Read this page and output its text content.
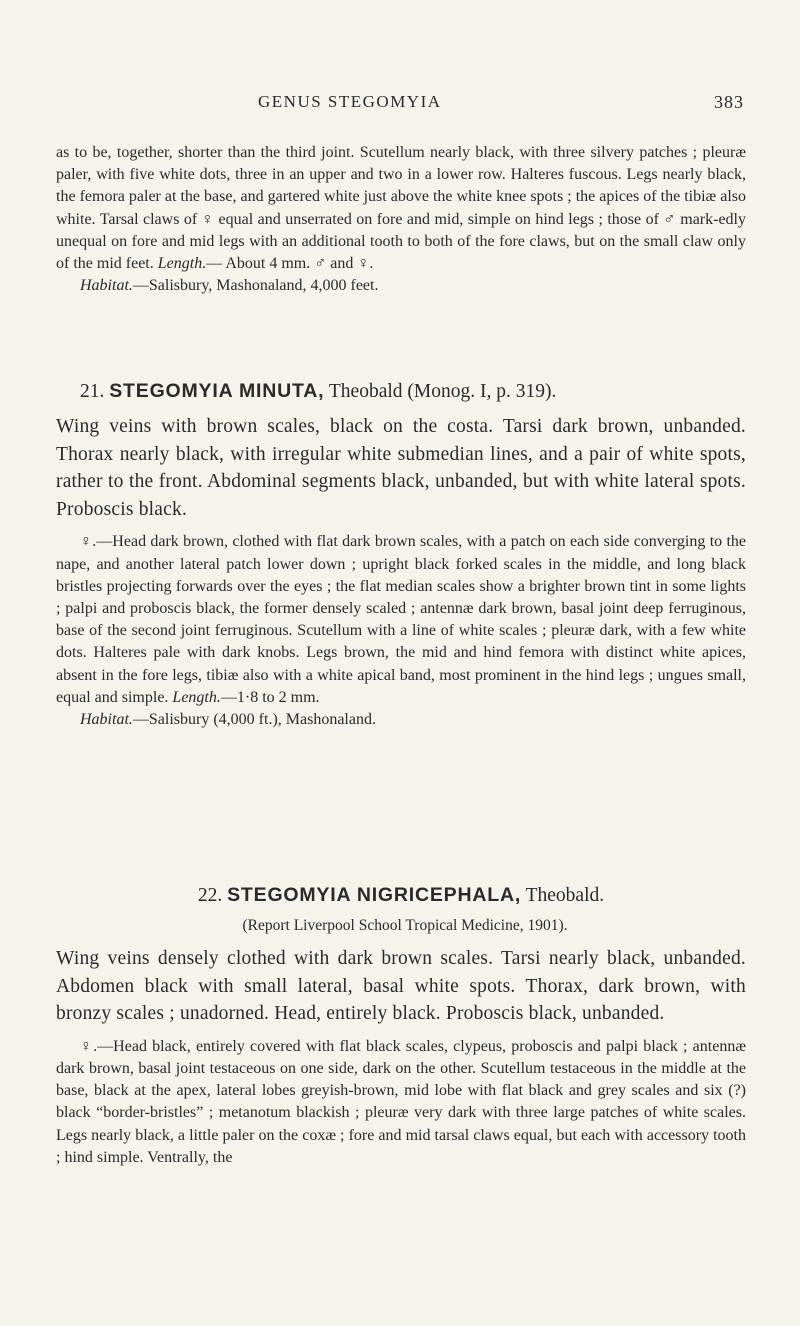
GENUS STEGOMYIA	383

as to be, together, shorter than the third joint. Scutellum nearly black, with three silvery patches ; pleuræ paler, with five white dots, three in an upper and two in a lower row. Halteres fuscous. Legs nearly black, the femora paler at the base, and gartered white just above the white knee spots ; the apices of the tibiæ also white. Tarsal claws of ♀ equal and unserrated on fore and mid, simple on hind legs ; those of ♂ mark-edly unequal on fore and mid legs with an additional tooth to both of the fore claws, but on the small claw only of the mid feet. Length.— About 4 mm. ♂ and ♀.

Habitat.—Salisbury, Mashonaland, 4,000 feet.

21. STEGOMYIA MINUTA, Theobald (Monog. I, p. 319).

Wing veins with brown scales, black on the costa. Tarsi dark brown, unbanded. Thorax nearly black, with irregular white submedian lines, and a pair of white spots, rather to the front. Abdominal segments black, unbanded, but with white lateral spots. Proboscis black.

♀.—Head dark brown, clothed with flat dark brown scales, with a patch on each side converging to the nape, and another lateral patch lower down ; upright black forked scales in the middle, and long black bristles projecting forwards over the eyes ; the flat median scales show a brighter brown tint in some lights ; palpi and proboscis black, the former densely scaled ; antennæ dark brown, basal joint deep ferruginous, base of the second joint ferruginous. Scutellum with a line of white scales ; pleuræ dark, with a few white dots. Halteres pale with dark knobs. Legs brown, the mid and hind femora with distinct white apices, absent in the fore legs, tibiæ also with a white apical band, most prominent in the hind legs ; ungues small, equal and simple. Length.—1·8 to 2 mm.

Habitat.—Salisbury (4,000 ft.), Mashonaland.

22. STEGOMYIA NIGRICEPHALA, Theobald.

(Report Liverpool School Tropical Medicine, 1901).

Wing veins densely clothed with dark brown scales. Tarsi nearly black, unbanded. Abdomen black with small lateral, basal white spots. Thorax, dark brown, with bronzy scales ; unadorned. Head, entirely black. Proboscis black, unbanded.

♀.—Head black, entirely covered with flat black scales, clypeus, proboscis and palpi black ; antennæ dark brown, basal joint testaceous on one side, dark on the other. Scutellum testaceous in the middle at the base, black at the apex, lateral lobes greyish-brown, mid lobe with flat black and grey scales and six (?) black “border-bristles” ; metanotum blackish ; pleuræ very dark with three large patches of white scales. Legs nearly black, a little paler on the coxæ ; fore and mid tarsal claws equal, but each with accessory tooth ; hind simple. Ventrally, the
